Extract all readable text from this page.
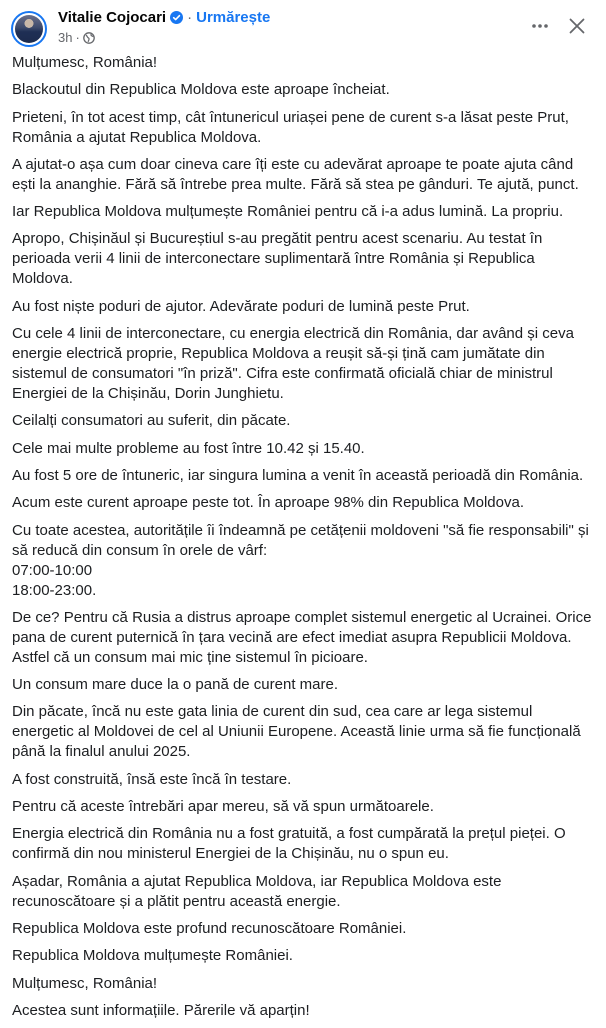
Vitalie Cojocari · Urmărește
3h ·

Mulțumesc, România!

Blackoutul din Republica Moldova este aproape încheiat.

Prieteni, în tot acest timp, cât întunericul uriașei pene de curent s-a lăsat peste Prut, România a ajutat Republica Moldova.

A ajutat-o așa cum doar cineva care îți este cu adevărat aproape te poate ajuta când ești la ananghie. Fără să întrebe prea multe. Fără să stea pe gânduri. Te ajută, punct.

Iar Republica Moldova mulțumește României pentru că i-a adus lumină. La propriu.

Apropo, Chișinăul și Bucureștiul s-au pregătit pentru acest scenariu. Au testat în perioada verii 4 linii de interconectare suplimentară între România și Republica Moldova.

Au fost niște poduri de ajutor. Adevărate poduri de lumină peste Prut.

Cu cele 4 linii de interconectare, cu energia electrică din România, dar având și ceva energie electrică proprie, Republica Moldova a reușit să-și țină cam jumătate din sistemul de consumatori "în priză". Cifra este confirmată oficială chiar de ministrul Energiei de la Chișinău, Dorin Junghietu.

Ceilalți consumatori au suferit, din păcate.

Cele mai multe probleme au fost între 10.42 și 15.40.

Au fost 5 ore de întuneric, iar singura lumina a venit în această perioadă din România.

Acum este curent aproape peste tot. În aproape 98% din Republica Moldova.

Cu toate acestea, autoritățile îi îndeamnă pe cetățenii moldoveni "să fie responsabili" și să reducă din consum în orele de vârf:
07:00-10:00
18:00-23:00.

De ce? Pentru că Rusia a distrus aproape complet sistemul energetic al Ucrainei. Orice pana de curent puternică în țara vecină are efect imediat asupra Republicii Moldova. Astfel că un consum mai mic ține sistemul în picioare.

Un consum mare duce la o pană de curent mare.

Din păcate, încă nu este gata linia de curent din sud, cea care ar lega sistemul energetic al Moldovei de cel al Uniunii Europene. Această linie urma să fie funcțională până la finalul anului 2025.

A fost construită, însă este încă în testare.

Pentru că aceste întrebări apar mereu, să vă spun următoarele.

Energia electrică din România nu a fost gratuită, a fost cumpărată la prețul pieței. O confirmă din nou ministerul Energiei de la Chișinău, nu o spun eu.

Așadar, România a ajutat Republica Moldova, iar Republica Moldova este recunoscătoare și a plătit pentru această energie.

Republica Moldova este profund recunoscătoare României.

Republica Moldova mulțumește României.

Mulțumesc, România!

Acestea sunt informațiile. Părerile vă aparțin!
